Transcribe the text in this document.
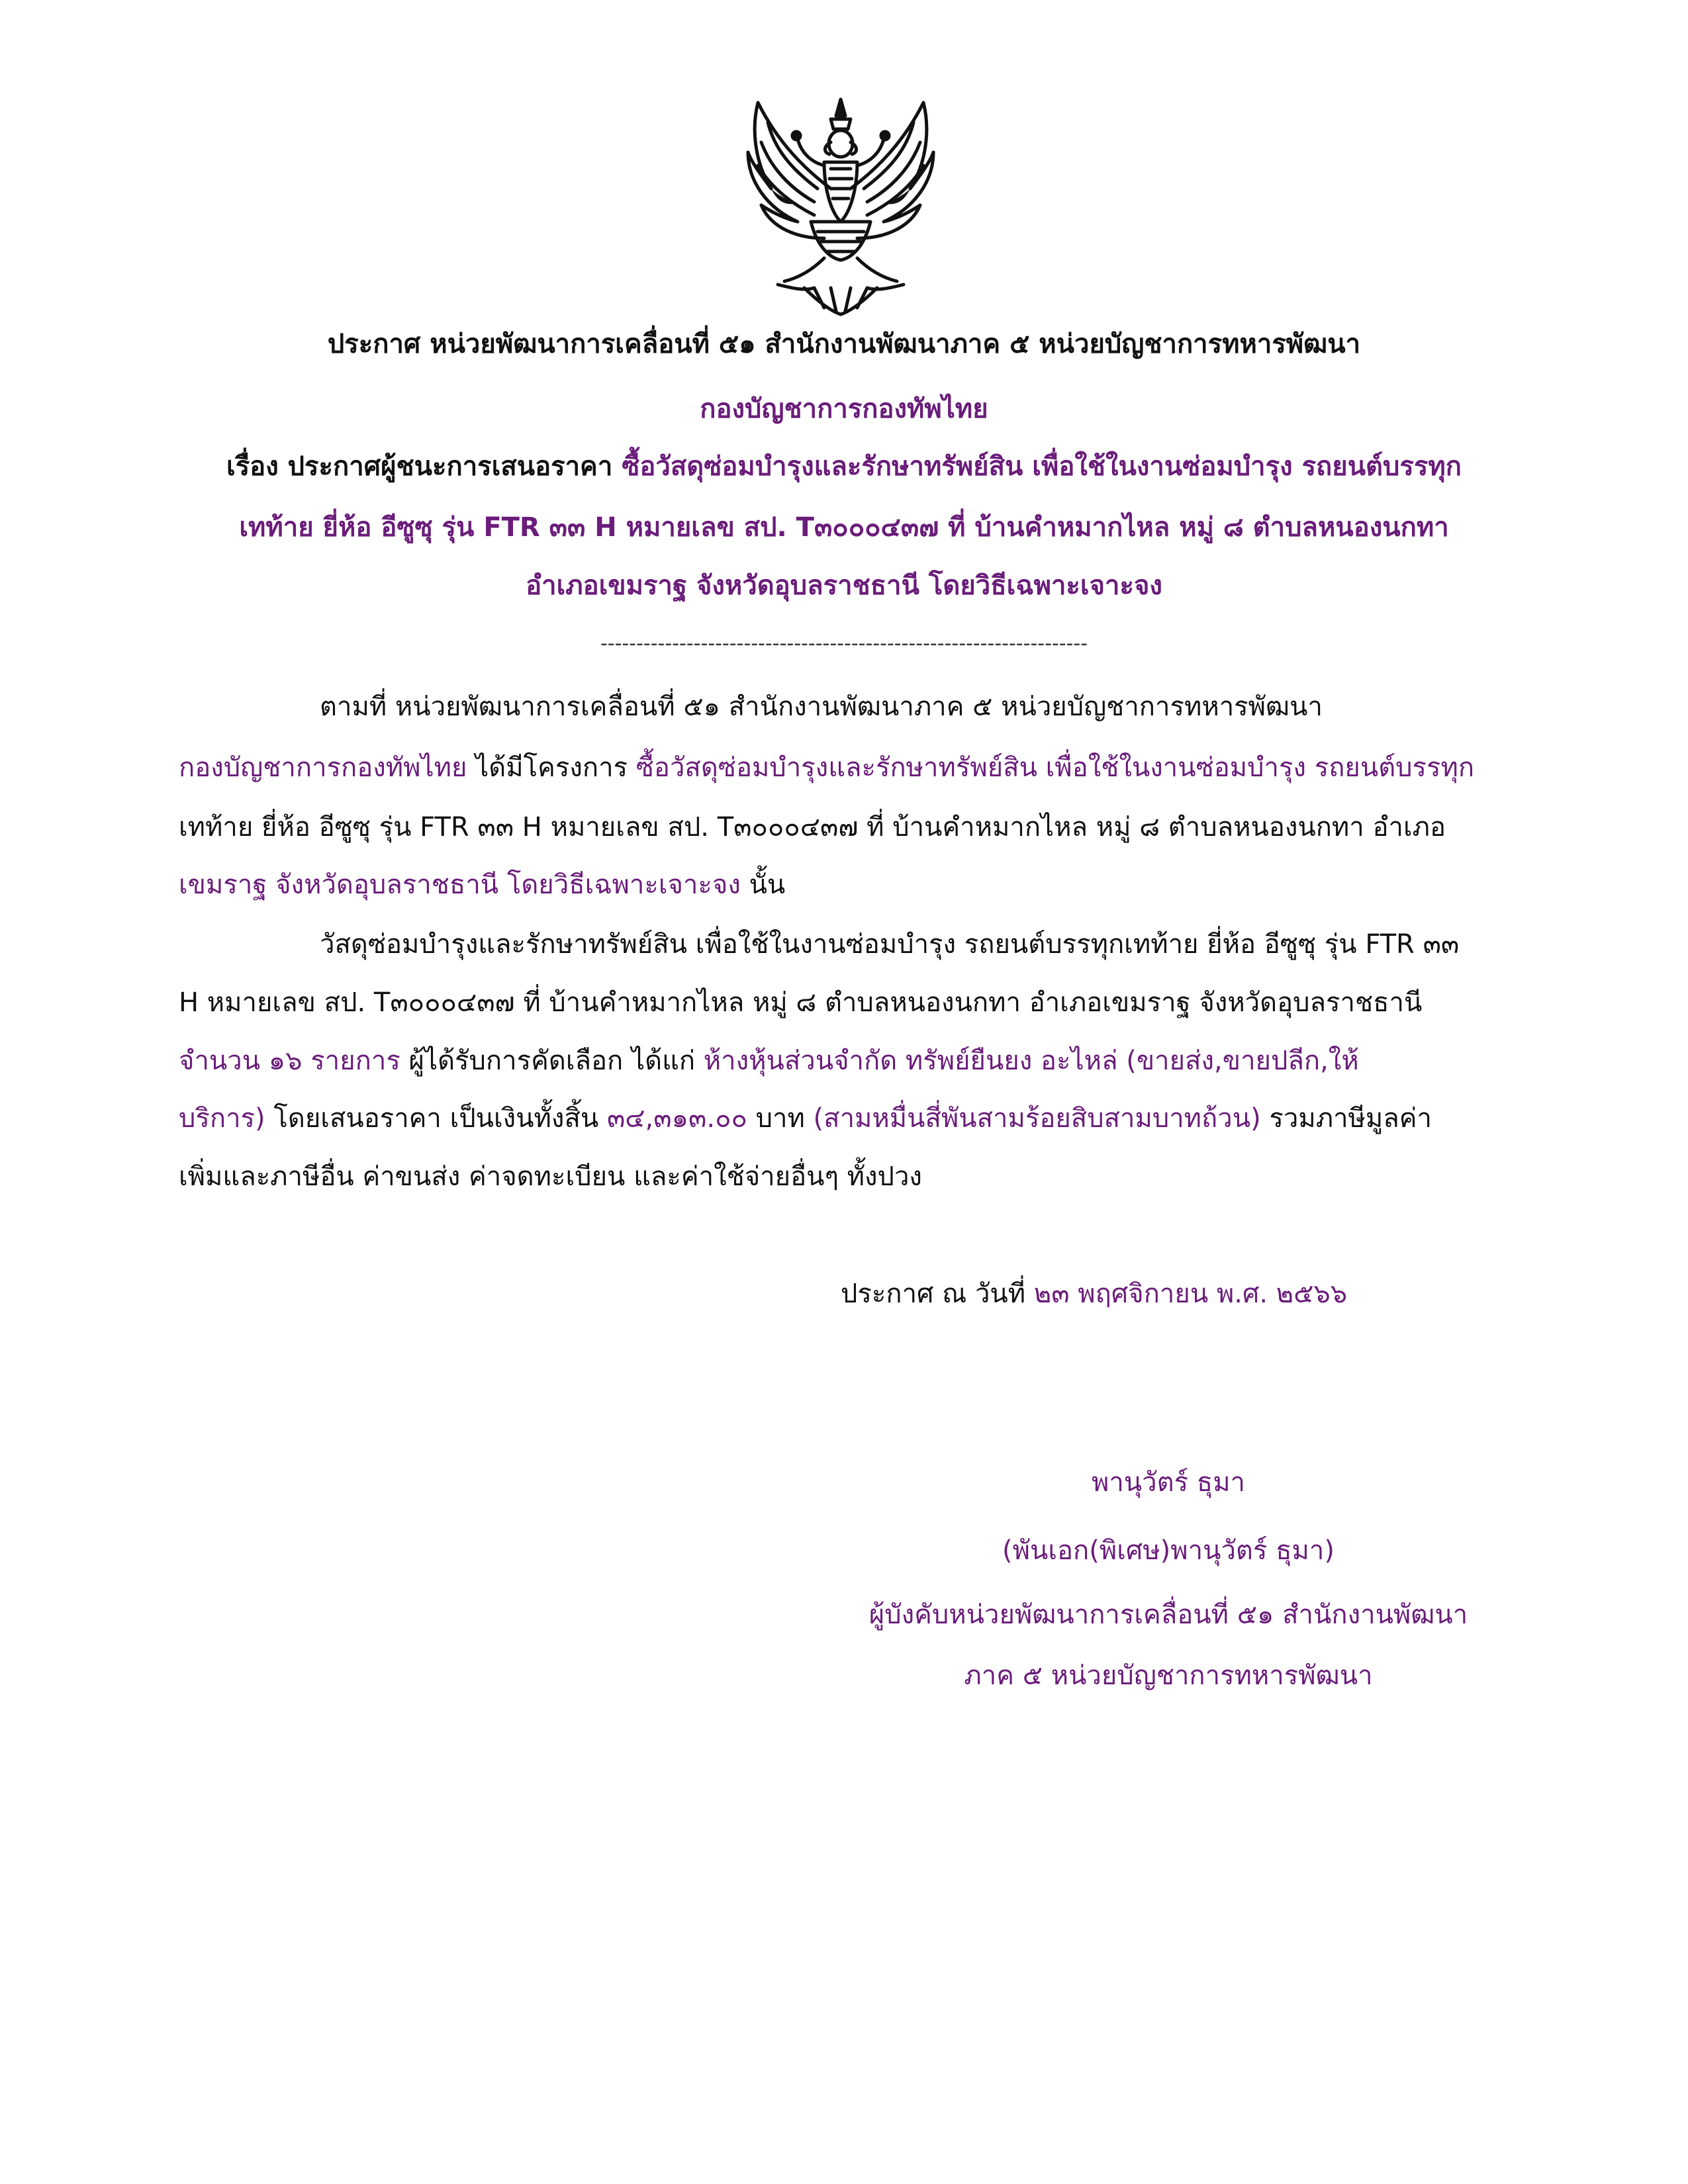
ประกาศ หน่วยพัฒนาการเคลื่อนที่ ๕๑ สำนักงานพัฒนาภาค ๕ หน่วยบัญชาการทหารพัฒนา
กองบัญชาการกองทัพไทย
เรื่อง ประกาศผู้ชนะการเสนอราคา ซื้อวัสดุซ่อมบำรุงและรักษาทรัพย์สิน เพื่อใช้ในงานซ่อมบำรุง รถยนต์บรรทุก
เทท้าย ยี่ห้อ อีซูซุ รุ่น FTR ๓๓ H หมายเลข สป. T๓๐๐๐๔๓๗ ที่ บ้านคำหมากไหล หมู่ ๘ ตำบลหนองนกทา
อำเภอเขมราฐ จังหวัดอุบลราชธานี โดยวิธีเฉพาะเจาะจง
--------------------------------------------------------------------
ตามที่ หน่วยพัฒนาการเคลื่อนที่ ๕๑ สำนักงานพัฒนาภาค ๕ หน่วยบัญชาการทหารพัฒนา
กองบัญชาการกองทัพไทย ได้มีโครงการ ซื้อวัสดุซ่อมบำรุงและรักษาทรัพย์สิน เพื่อใช้ในงานซ่อมบำรุง รถยนต์บรรทุก
เทท้าย ยี่ห้อ อีซูซุ รุ่น FTR ๓๓ H หมายเลข สป. T๓๐๐๐๔๓๗ ที่ บ้านคำหมากไหล หมู่ ๘ ตำบลหนองนกทา อำเภอ
เขมราฐ จังหวัดอุบลราชธานี โดยวิธีเฉพาะเจาะจง นั้น
วัสดุซ่อมบำรุงและรักษาทรัพย์สิน เพื่อใช้ในงานซ่อมบำรุง รถยนต์บรรทุกเทท้าย ยี่ห้อ อีซูซุ รุ่น FTR ๓๓
H หมายเลข สป. T๓๐๐๐๔๓๗ ที่ บ้านคำหมากไหล หมู่ ๘ ตำบลหนองนกทา อำเภอเขมราฐ จังหวัดอุบลราชธานี
จำนวน ๑๖ รายการ ผู้ได้รับการคัดเลือก ได้แก่ ห้างหุ้นส่วนจำกัด ทรัพย์ยืนยง อะไหล่ (ขายส่ง,ขายปลีก,ให้
บริการ) โดยเสนอราคา เป็นเงินทั้งสิ้น ๓๔,๓๑๓.๐๐ บาท (สามหมื่นสี่พันสามร้อยสิบสามบาทถ้วน) รวมภาษีมูลค่า
เพิ่มและภาษีอื่น ค่าขนส่ง ค่าจดทะเบียน และค่าใช้จ่ายอื่นๆ ทั้งปวง
ประกาศ ณ วันที่ ๒๓ พฤศจิกายน พ.ศ. ๒๕๖๖
พานุวัตร์ ธุมา
(พันเอก(พิเศษ)พานุวัตร์ ธุมา)
ผู้บังคับหน่วยพัฒนาการเคลื่อนที่ ๕๑ สำนักงานพัฒนา
ภาค ๕ หน่วยบัญชาการทหารพัฒนา
